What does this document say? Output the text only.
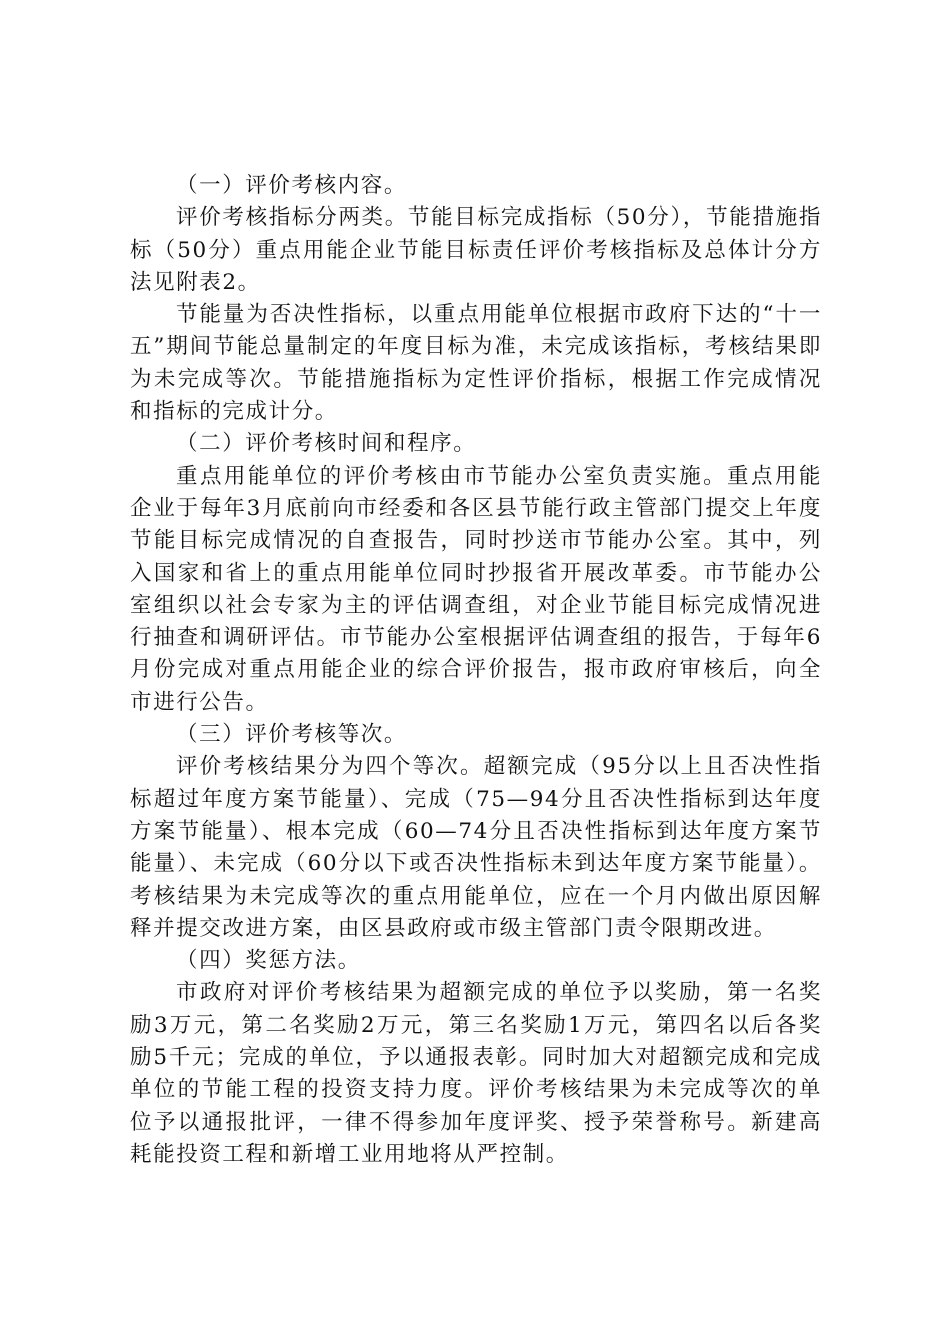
（一）评价考核内容。

评价考核指标分两类。节能目标完成指标（50分），节能措施指标（50分）重点用能企业节能目标责任评价考核指标及总体计分方法见附表2。

节能量为否决性指标，以重点用能单位根据市政府下达的“十一五”期间节能总量制定的年度目标为准，未完成该指标，考核结果即为未完成等次。节能措施指标为定性评价指标，根据工作完成情况和指标的完成计分。

（二）评价考核时间和程序。

重点用能单位的评价考核由市节能办公室负责实施。重点用能企业于每年3月底前向市经委和各区县节能行政主管部门提交上年度节能目标完成情况的自查报告，同时抄送市节能办公室。其中，列入国家和省上的重点用能单位同时抄报省开展改革委。市节能办公室组织以社会专家为主的评估调查组，对企业节能目标完成情况进行抽查和调研评估。市节能办公室根据评估调查组的报告，于每年6月份完成对重点用能企业的综合评价报告，报市政府审核后，向全市进行公告。

（三）评价考核等次。

评价考核结果分为四个等次。超额完成（95分以上且否决性指标超过年度方案节能量）、完成（75—94分且否决性指标到达年度方案节能量）、根本完成（60—74分且否决性指标到达年度方案节能量）、未完成（60分以下或否决性指标未到达年度方案节能量）。考核结果为未完成等次的重点用能单位，应在一个月内做出原因解释并提交改进方案，由区县政府或市级主管部门责令限期改进。

（四）奖惩方法。

市政府对评价考核结果为超额完成的单位予以奖励，第一名奖励3万元，第二名奖励2万元，第三名奖励1万元，第四名以后各奖励5千元；完成的单位，予以通报表彰。同时加大对超额完成和完成单位的节能工程的投资支持力度。评价考核结果为未完成等次的单位予以通报批评，一律不得参加年度评奖、授予荣誉称号。新建高耗能投资工程和新增工业用地将从严控制。
